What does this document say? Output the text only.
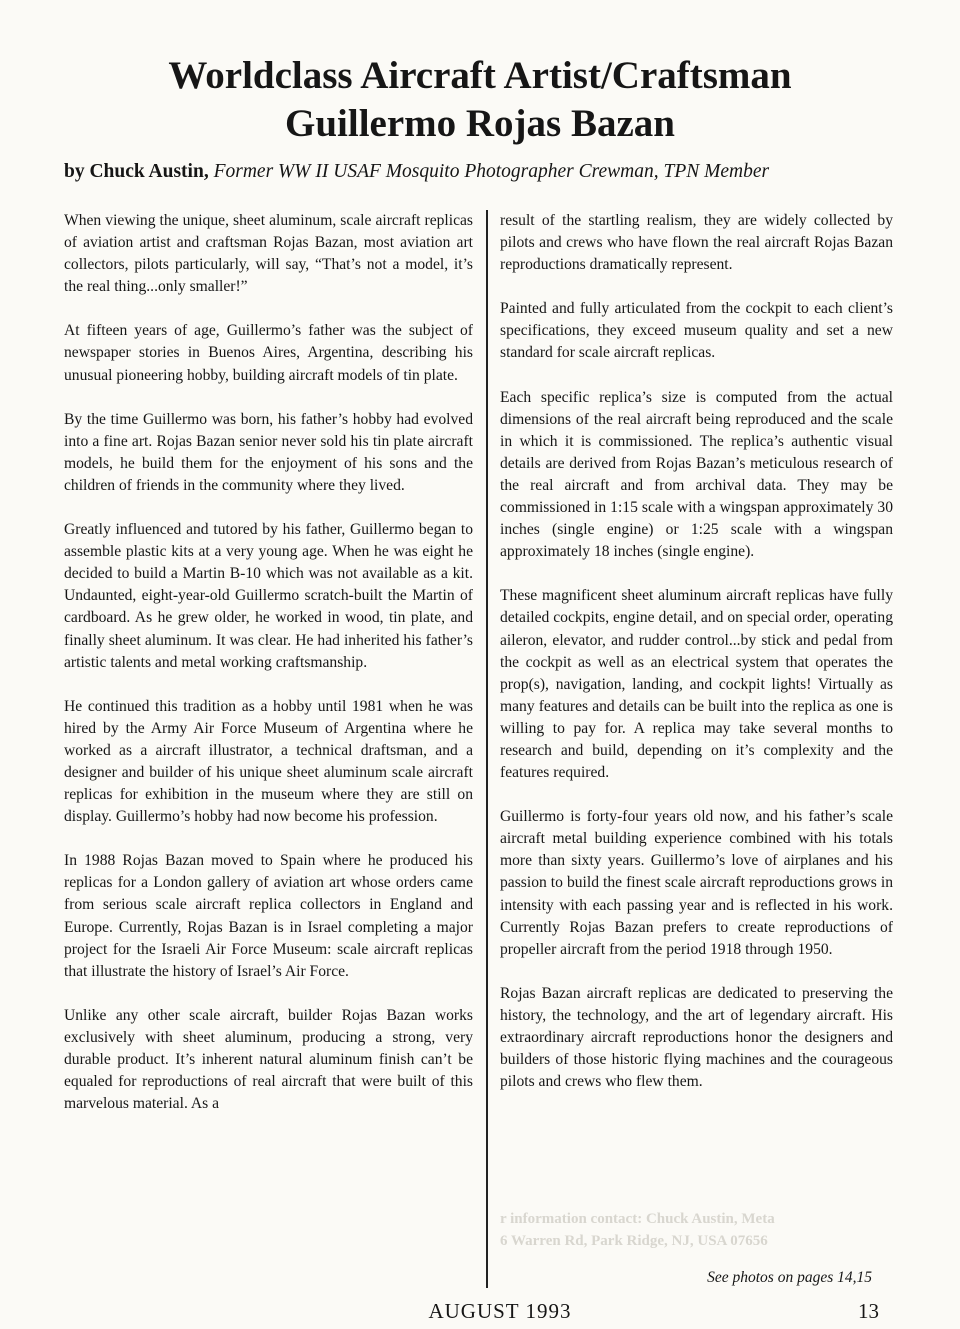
Worldclass Aircraft Artist/Craftsman
Guillermo Rojas Bazan
by Chuck Austin, Former WW II USAF Mosquito Photographer Crewman, TPN Member

When viewing the unique, sheet aluminum, scale aircraft replicas of aviation artist and craftsman Rojas Bazan, most aviation art collectors, pilots particularly, will say, “That’s not a model, it’s the real thing...only smaller!”

At fifteen years of age, Guillermo’s father was the subject of newspaper stories in Buenos Aires, Argentina, describing his unusual pioneering hobby, building aircraft models of tin plate.

By the time Guillermo was born, his father’s hobby had evolved into a fine art. Rojas Bazan senior never sold his tin plate aircraft models, he build them for the enjoyment of his sons and the children of friends in the community where they lived.

Greatly influenced and tutored by his father, Guillermo began to assemble plastic kits at a very young age. When he was eight he decided to build a Martin B-10 which was not available as a kit. Undaunted, eight-year-old Guillermo scratch-built the Martin of cardboard. As he grew older, he worked in wood, tin plate, and finally sheet aluminum. It was clear. He had inherited his father’s artistic talents and metal working craftsmanship.

He continued this tradition as a hobby until 1981 when he was hired by the Army Air Force Museum of Argentina where he worked as a aircraft illustrator, a technical draftsman, and a designer and builder of his unique sheet aluminum scale aircraft replicas for exhibition in the museum where they are still on display. Guillermo’s hobby had now become his profession.

In 1988 Rojas Bazan moved to Spain where he produced his replicas for a London gallery of aviation art whose orders came from serious scale aircraft replica collectors in England and Europe. Currently, Rojas Bazan is in Israel completing a major project for the Israeli Air Force Museum: scale aircraft replicas that illustrate the history of Israel’s Air Force.

Unlike any other scale aircraft, builder Rojas Bazan works exclusively with sheet aluminum, producing a strong, very durable product. It’s inherent natural aluminum finish can’t be equaled for reproductions of real aircraft that were built of this marvelous material. As a

result of the startling realism, they are widely collected by pilots and crews who have flown the real aircraft Rojas Bazan reproductions dramatically represent.

Painted and fully articulated from the cockpit to each client’s specifications, they exceed museum quality and set a new standard for scale aircraft replicas.

Each specific replica’s size is computed from the actual dimensions of the real aircraft being reproduced and the scale in which it is commissioned. The replica’s authentic visual details are derived from Rojas Bazan’s meticulous research of the real aircraft and from archival data. They may be commissioned in 1:15 scale with a wingspan approximately 30 inches (single engine) or 1:25 scale with a wingspan approximately 18 inches (single engine).

These magnificent sheet aluminum aircraft replicas have fully detailed cockpits, engine detail, and on special order, operating aileron, elevator, and rudder control...by stick and pedal from the cockpit as well as an electrical system that operates the prop(s), navigation, landing, and cockpit lights! Virtually as many features and details can be built into the replica as one is willing to pay for. A replica may take several months to research and build, depending on it’s complexity and the features required.

Guillermo is forty-four years old now, and his father’s scale aircraft metal building experience combined with his totals more than sixty years. Guillermo’s love of airplanes and his passion to build the finest scale aircraft reproductions grows in intensity with each passing year and is reflected in his work. Currently Rojas Bazan prefers to create reproductions of propeller aircraft from the period 1918 through 1950.

Rojas Bazan aircraft replicas are dedicated to preserving the history, the technology, and the art of legendary aircraft. His extraordinary aircraft reproductions honor the designers and builders of those historic flying machines and the courageous pilots and crews who flew them.

r information contact: Chuck Austin, Meta
6 Warren Rd, Park Ridge, NJ, USA 07656
See photos on pages 14,15
AUGUST 1993	13
